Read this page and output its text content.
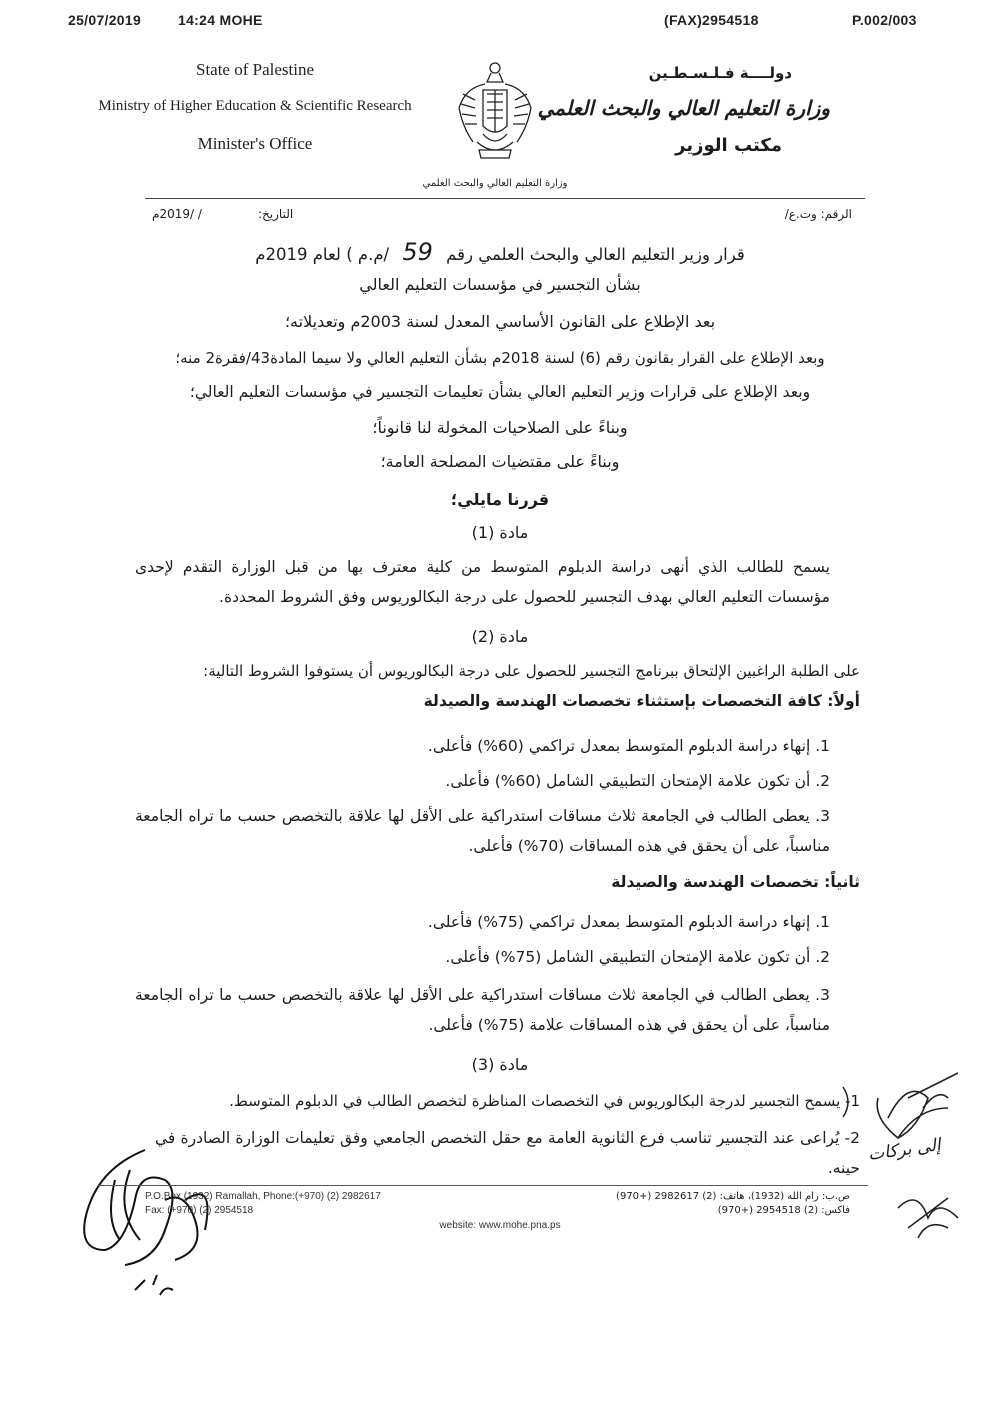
25/07/2019	14:24 MOHE	(FAX)2954518	P.002/003
State of Palestine
Ministry of Higher Education & Scientific Research
Minister's Office
وزارة التعليم العالي والبحث العلمي
دولــــة فـلـسـطـين
وزارة التعليم العالي والبحث العلمي
مكتب الوزير
الرقم: وت.ع/
التاريخ:
/ /2019م
قرار وزير التعليم العالي والبحث العلمي رقم 59 /م.م ) لعام 2019م
بشأن التجسير في مؤسسات التعليم العالي
بعد الإطلاع على القانون الأساسي المعدل لسنة 2003م وتعديلاته؛
وبعد الإطلاع على القرار بقانون رقم (6) لسنة 2018م بشأن التعليم العالي ولا سيما المادة43/فقرة2 منه؛
وبعد الإطلاع على قرارات وزير التعليم العالي بشأن تعليمات التجسير في مؤسسات التعليم العالي؛
وبناءً على الصلاحيات المخولة لنا قانوناً؛
وبناءً على مقتضيات المصلحة العامة؛
قررنا مايلي؛
مادة (1)
يسمح للطالب الذي أنهى دراسة الدبلوم المتوسط من كلية معترف بها من قبل الوزارة التقدم لإحدى مؤسسات التعليم العالي بهدف التجسير للحصول على درجة البكالوريوس وفق الشروط المحددة.
مادة (2)
على الطلبة الراغبين الإلتحاق ببرنامج التجسير للحصول على درجة البكالوريوس أن يستوفوا الشروط التالية:
أولاً: كافة التخصصات بإستثناء تخصصات الهندسة والصيدلة
1. إنهاء دراسة الدبلوم المتوسط بمعدل تراكمي (60%) فأعلى.
2. أن تكون علامة الإمتحان التطبيقي الشامل (60%) فأعلى.
3. يعطى الطالب في الجامعة ثلاث مساقات استدراكية على الأقل لها علاقة بالتخصص حسب ما تراه الجامعة مناسباً، على أن يحقق في هذه المساقات (70%) فأعلى.
ثانياً: تخصصات الهندسة والصيدلة
1. إنهاء دراسة الدبلوم المتوسط بمعدل تراكمي (75%) فأعلى.
2. أن تكون علامة الإمتحان التطبيقي الشامل (75%) فأعلى.
3. يعطى الطالب في الجامعة ثلاث مساقات استدراكية على الأقل لها علاقة بالتخصص حسب ما تراه الجامعة مناسباً، على أن يحقق في هذه المساقات علامة (75%) فأعلى.
مادة (3)
1- يسمح التجسير لدرجة البكالوريوس في التخصصات المناظرة لتخصص الطالب في الدبلوم المتوسط.
2- يُراعى عند التجسير تناسب فرع الثانوية العامة مع حقل التخصص الجامعي وفق تعليمات الوزارة الصادرة في حينه.
إلى بركات
P.O.Box (1932) Ramallah, Phone:(+970) (2) 2982617
Fax: (+970) (2) 2954518
website: www.mohe.pna.ps
ص.ب: رام الله (1932)، هاتف: (2) 2982617 (+970)
فاكس: (2) 2954518 (+970)
